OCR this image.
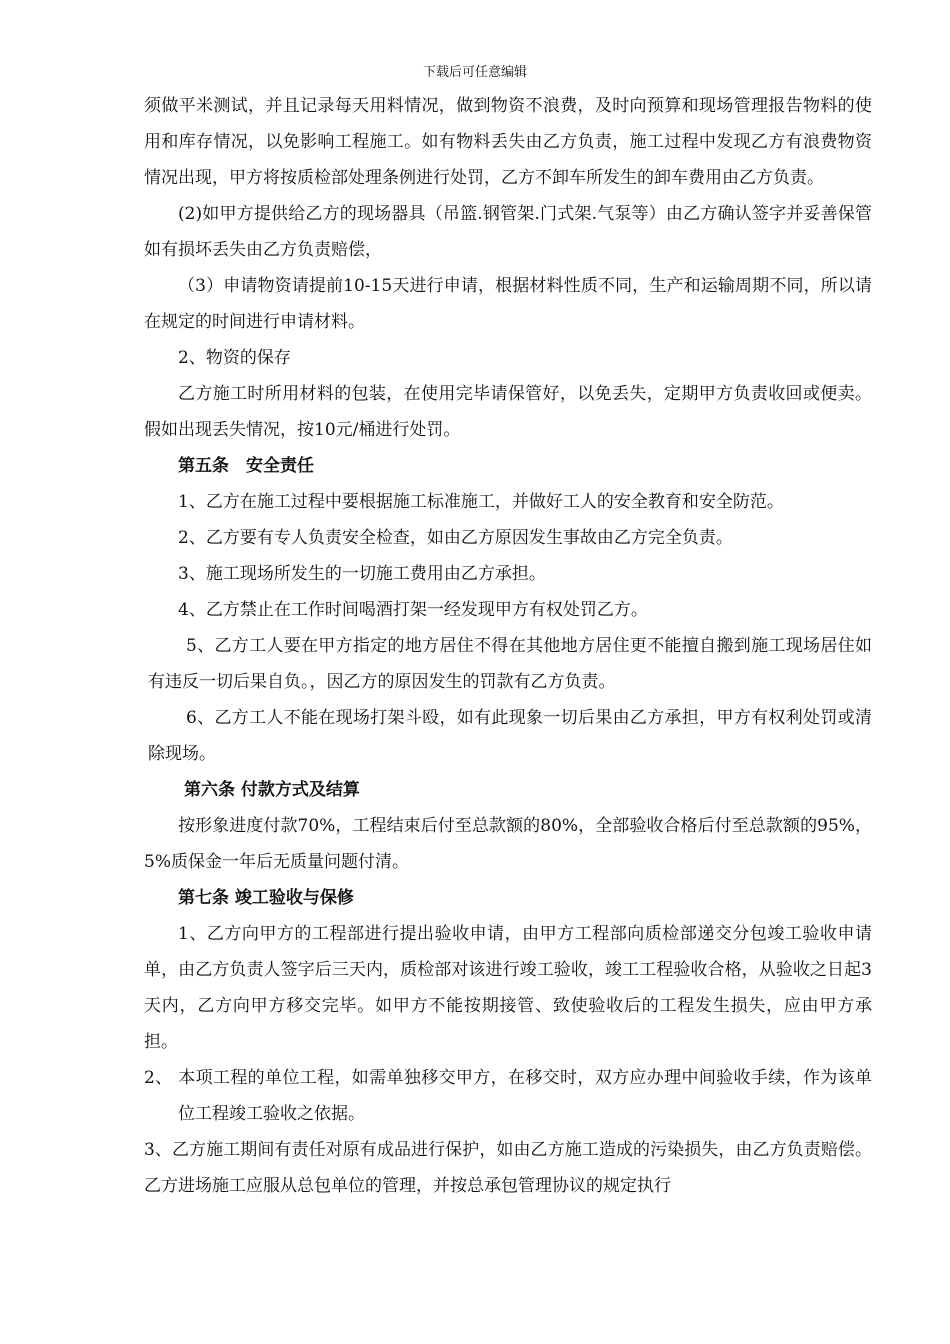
下载后可任意编辑

须做平米测试，并且记录每天用料情况，做到物资不浪费，及时向预算和现场管理报告物料的使用和库存情况，以免影响工程施工。如有物料丢失由乙方负责，施工过程中发现乙方有浪费物资情况出现，甲方将按质检部处理条例进行处罚，乙方不卸车所发生的卸车费用由乙方负责。

(2)如甲方提供给乙方的现场器具（吊篮.钢管架.门式架.气泵等）由乙方确认签字并妥善保管如有损坏丢失由乙方负责赔偿，

（3）申请物资请提前10-15天进行申请，根据材料性质不同，生产和运输周期不同，所以请在规定的时间进行申请材料。

2、物资的保存

乙方施工时所用材料的包装，在使用完毕请保管好，以免丢失，定期甲方负责收回或便卖。假如出现丢失情况，按10元/桶进行处罚。

第五条　安全责任

1、乙方在施工过程中要根据施工标准施工，并做好工人的安全教育和安全防范。

2、乙方要有专人负责安全检查，如由乙方原因发生事故由乙方完全负责。

3、施工现场所发生的一切施工费用由乙方承担。

4、乙方禁止在工作时间喝酒打架一经发现甲方有权处罚乙方。

5、乙方工人要在甲方指定的地方居住不得在其他地方居住更不能擅自搬到施工现场居住如有违反一切后果自负。，因乙方的原因发生的罚款有乙方负责。

6、乙方工人不能在现场打架斗殴，如有此现象一切后果由乙方承担，甲方有权利处罚或清除现场。

第六条 付款方式及结算

按形象进度付款70%，工程结束后付至总款额的80%，全部验收合格后付至总款额的95%，5%质保金一年后无质量问题付清。

第七条 竣工验收与保修

1、乙方向甲方的工程部进行提出验收申请，由甲方工程部向质检部递交分包竣工验收申请单，由乙方负责人签字后三天内，质检部对该进行竣工验收，竣工工程验收合格，从验收之日起3天内，乙方向甲方移交完毕。如甲方不能按期接管、致使验收后的工程发生损失，应由甲方承担。

2、 本项工程的单位工程，如需单独移交甲方，在移交时，双方应办理中间验收手续，作为该单位工程竣工验收之依据。

3、乙方施工期间有责任对原有成品进行保护，如由乙方施工造成的污染损失，由乙方负责赔偿。乙方进场施工应服从总包单位的管理，并按总承包管理协议的规定执行
